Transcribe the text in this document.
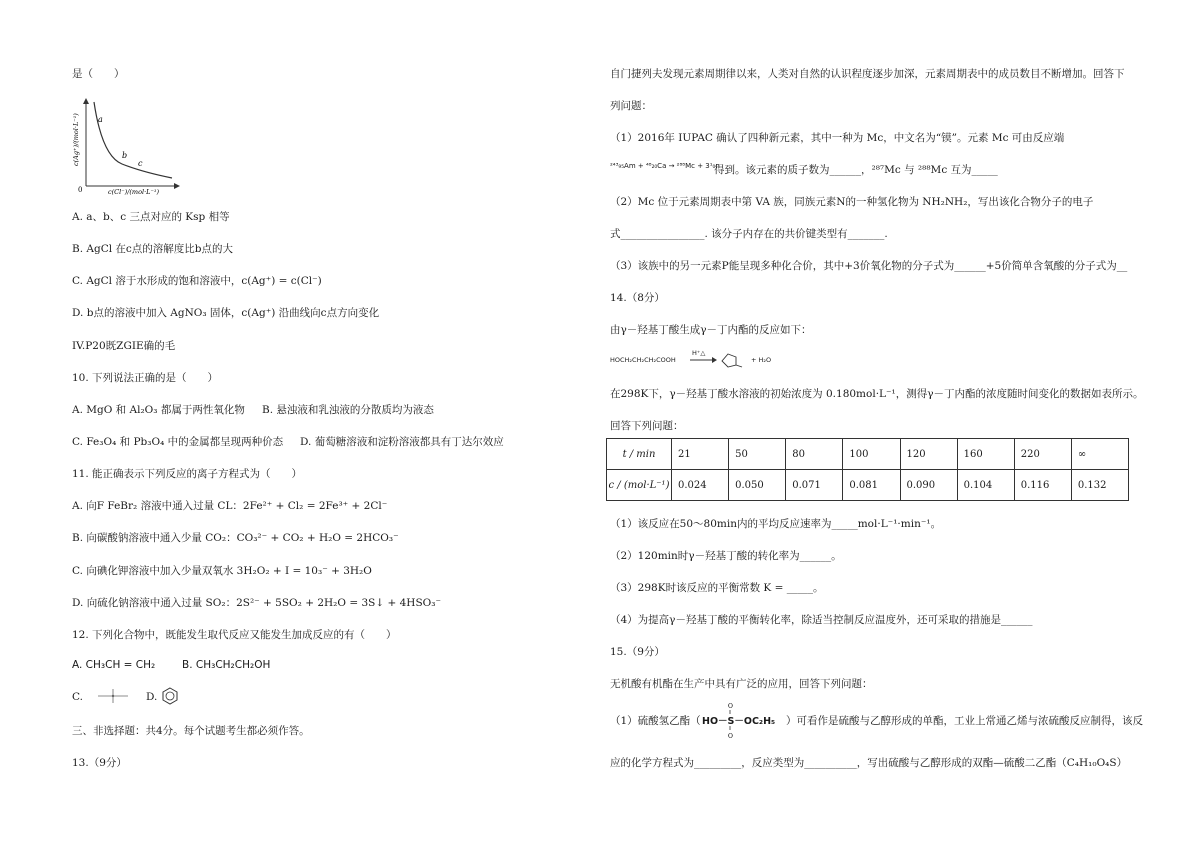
是（　　）
a
b
c
0	c(Cl⁻)/(mol·L⁻¹)
c(Ag⁺)/(mol·L⁻¹)
A. a、b、c 三点对应的 Ksp 相等
B. AgCl 在c点的溶解度比b点的大
C. AgCl 溶于水形成的饱和溶液中，c(Ag⁺) = c(Cl⁻)
D. b点的溶液中加入 AgNO₃ 固体，c(Ag⁺) 沿曲线向c点方向变化
IV.P20既ZGIE确的毛
10. 下列说法正确的是（　　）
A. MgO 和 Al₂O₃ 都属于两性氧化物 B. 悬浊液和乳浊液的分散质均为液态
C. Fe₃O₄ 和 Pb₃O₄ 中的金属都呈现两种价态 D. 葡萄糖溶液和淀粉溶液都具有丁达尔效应
11. 能正确表示下列反应的离子方程式为（　　）
A. 向F FeBr₂ 溶液中通入过量 CL：2Fe²⁺ + Cl₂ = 2Fe³⁺ + 2Cl⁻
B. 向碳酸钠溶液中通入少量 CO₂：CO₃²⁻ + CO₂ + H₂O = 2HCO₃⁻
C. 向碘化钾溶液中加入少量双氧水 3H₂O₂ + I = 10₃⁻ + 3H₂O
D. 向硫化钠溶液中通入过量 SO₂：2S²⁻ + 5SO₂ + 2H₂O = 3S↓ + 4HSO₃⁻
12. 下列化合物中，既能发生取代反应又能发生加成反应的有（　　）
A. CH₃CH = CH₂	B. CH₃CH₂CH₂OH
C.	D.
三、非选择题：共4分。每个试题考生都必须作答。
13.（9分）
自门捷列夫发现元素周期律以来，人类对自然的认识程度逐步加深，元素周期表中的成员数目不断增加。回答下
列问题：
（1）2016年 IUPAC 确认了四种新元素，其中一种为 Mc，中文名为“镆”。元素 Mc 可由反应端
²⁴³₉₅Am + ⁴⁸₂₀Ca → ²⁸⁸Mc + 3¹₀n
得到。该元素的质子数为______，²⁸⁷Mc 与 ²⁸⁸Mc 互为_____
（2）Mc 位于元素周期表中第 VA 族，同族元素N的一种氢化物为 NH₂NH₂，写出该化合物分子的电子
式________________. 该分子内存在的共价键类型有_______.
（3）该族中的另一元素P能呈现多种化合价，其中+3价氧化物的分子式为______+5价简单含氧酸的分子式为__
14.（8分）
由γ－羟基丁酸生成γ－丁内酯的反应如下：
HOCH₂CH₂CH₂COOH
H⁺△
+ H₂O
在298K下，γ－羟基丁酸水溶液的初始浓度为 0.180mol·L⁻¹，测得γ－丁内酯的浓度随时间变化的数据如表所示。
回答下列问题：
t / min	21	50	80	100	120	160	220	∞
c / (mol·L⁻¹)	0.024	0.050	0.071	0.081	0.090	0.104	0.116	0.132
（1）该反应在50～80min内的平均反应速率为_____mol·L⁻¹·min⁻¹。
（2）120min时γ－羟基丁酸的转化率为______。
（3）298K时该反应的平衡常数 K = _____。
（4）为提高γ－羟基丁酸的平衡转化率，除适当控制反应温度外，还可采取的措施是______
15.（9分）
无机酸有机酯在生产中具有广泛的应用，回答下列问题：
（1）硫酸氢乙酯（ HO－S－OC₂H₅	）可看作是硫酸与乙醇形成的单酯，工业上常通乙烯与浓硫酸反应制得，该反
应的化学方程式为_________，反应类型为__________，写出硫酸与乙醇形成的双酯—硫酸二乙酯（C₄H₁₀O₄S）
O
O
